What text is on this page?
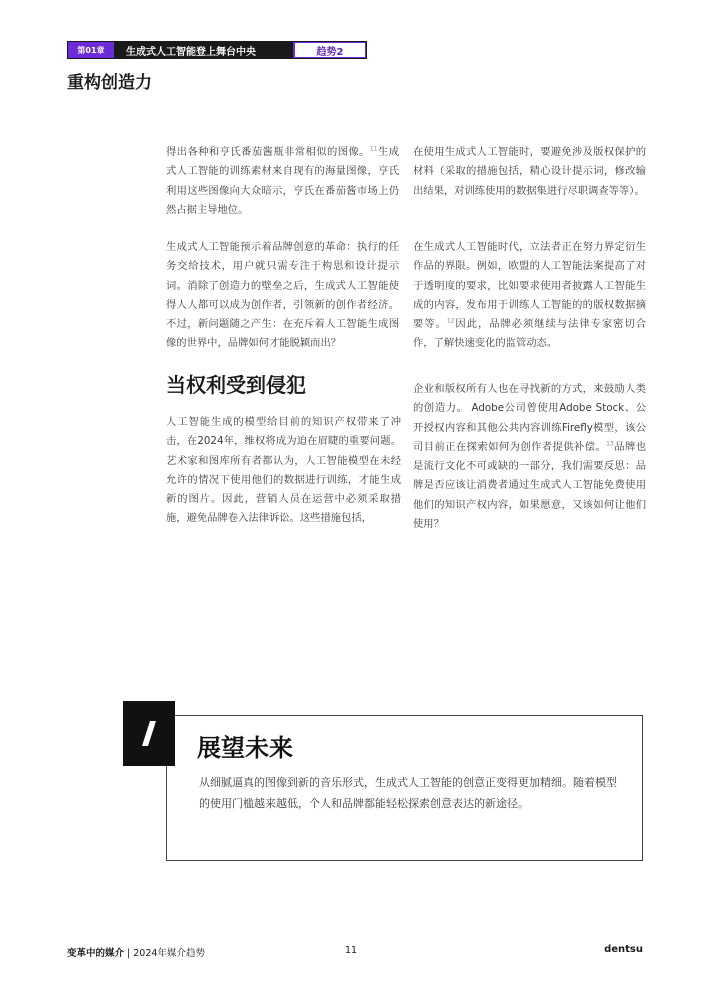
第01章	生成式人工智能登上舞台中央	趋势2
重构创造力

得出各种和亨氏番茄酱瓶非常相似的图像。$^{11}$生成式人工智能的训练素材来自现有的海量图像，亨氏利用这些图像向大众暗示，亨氏在番茄酱市场上仍然占据主导地位。

在使用生成式人工智能时，要避免涉及版权保护的材料（采取的措施包括，精心设计提示词，修改输出结果，对训练使用的数据集进行尽职调查等等）。

生成式人工智能预示着品牌创意的革命：执行的任务交给技术，用户就只需专注于构思和设计提示词。消除了创造力的壁垒之后，生成式人工智能使得人人都可以成为创作者，引领新的创作者经济。不过，新问题随之产生：在充斥着人工智能生成图像的世界中，品牌如何才能脱颖而出？

在生成式人工智能时代，立法者正在努力界定衍生作品的界限。例如，欧盟的人工智能法案提高了对于透明度的要求，比如要求使用者披露人工智能生成的内容，发布用于训练人工智能的的版权数据摘要等。$^{12}$因此，品牌必须继续与法律专家密切合作，了解快速变化的监管动态。

当权利受到侵犯

人工智能生成的模型给目前的知识产权带来了冲击，在2024年，维权将成为迫在眉睫的重要问题。艺术家和图库所有者都认为，人工智能模型在未经允许的情况下使用他们的数据进行训练，才能生成新的图片。因此，营销人员在运营中必须采取措施，避免品牌卷入法律诉讼。这些措施包括，

企业和版权所有人也在寻找新的方式，来鼓励人类的创造力。 Adobe公司曾使用Adobe Stock、公开授权内容和其他公共内容训练Firefly模型，该公司目前正在探索如何为创作者提供补偿。$^{13}$品牌也是流行文化不可或缺的一部分，我们需要反思：品牌是否应该让消费者通过生成式人工智能免费使用他们的知识产权内容，如果愿意，又该如何让他们使用？

展望未来

从细腻逼真的图像到新的音乐形式，生成式人工智能的创意正变得更加精细。随着模型的使用门槛越来越低，个人和品牌都能轻松探索创意表达的新途径。

变革中的媒介 | 2024年媒介趋势	11	dentsu
